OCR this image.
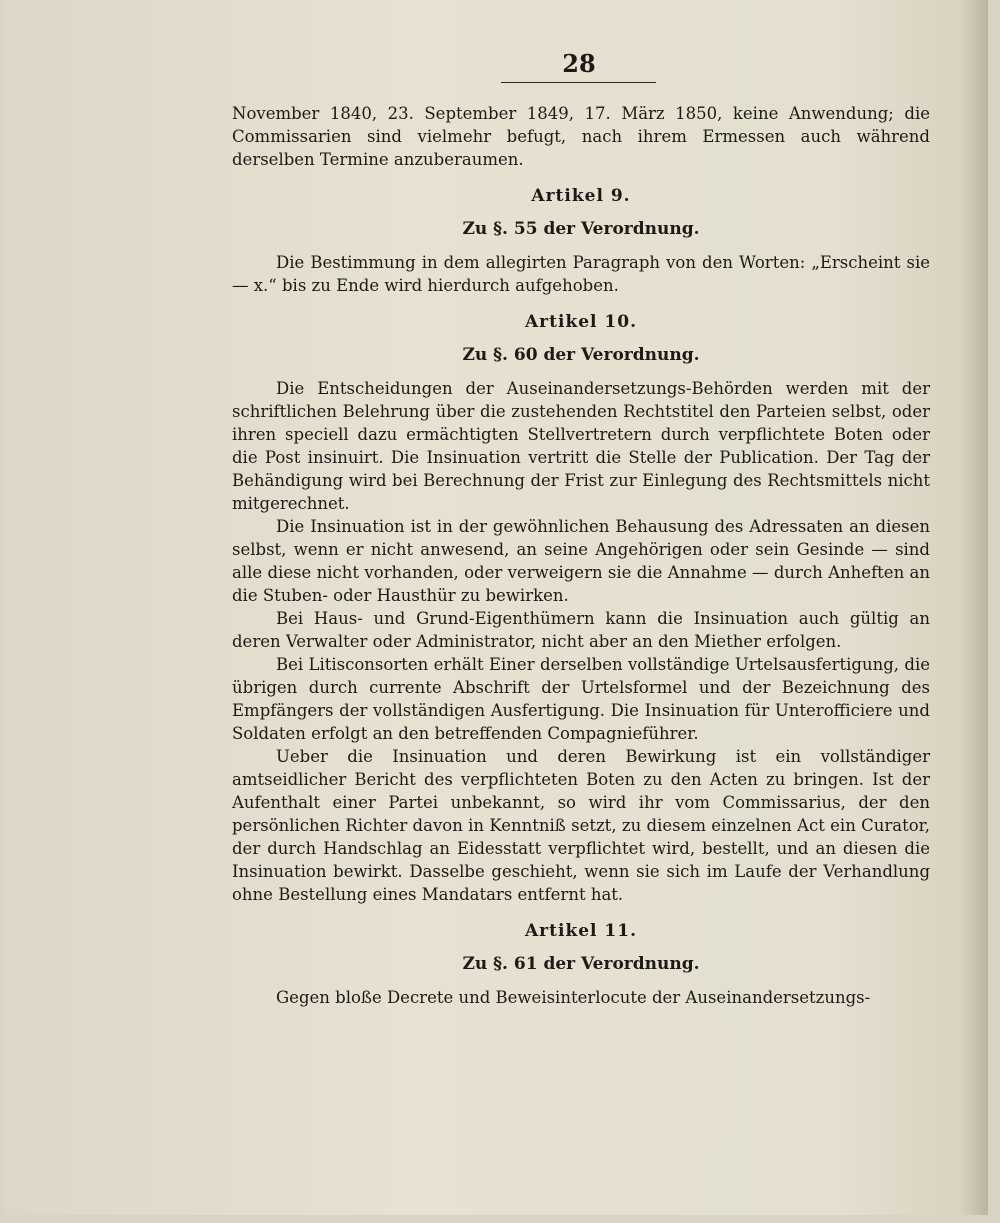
28

November 1840, 23. September 1849, 17. März 1850, keine Anwendung; die Commissarien sind vielmehr befugt, nach ihrem Ermessen auch während derselben Termine anzuberaumen.

Artikel 9.
Zu §. 55 der Verordnung.

Die Bestimmung in dem allegirten Paragraph von den Worten: „Erscheint sie — x.“ bis zu Ende wird hierdurch aufgehoben.

Artikel 10.
Zu §. 60 der Verordnung.

Die Entscheidungen der Auseinandersetzungs-Behörden werden mit der schriftlichen Belehrung über die zustehenden Rechtstitel den Parteien selbst, oder ihren speciell dazu ermächtigten Stellvertretern durch verpflichtete Boten oder die Post insinuirt. Die Insinuation vertritt die Stelle der Publication. Der Tag der Behändigung wird bei Berechnung der Frist zur Einlegung des Rechtsmittels nicht mitgerechnet.

Die Insinuation ist in der gewöhnlichen Behausung des Adressaten an diesen selbst, wenn er nicht anwesend, an seine Angehörigen oder sein Gesinde — sind alle diese nicht vorhanden, oder verweigern sie die Annahme — durch Anheften an die Stuben- oder Hausthür zu bewirken.

Bei Haus- und Grund-Eigenthümern kann die Insinuation auch gültig an deren Verwalter oder Administrator, nicht aber an den Miether erfolgen.

Bei Litisconsorten erhält Einer derselben vollständige Urtelsausfertigung, die übrigen durch currente Abschrift der Urtelsformel und der Bezeichnung des Empfängers der vollständigen Ausfertigung. Die Insinuation für Unterofficiere und Soldaten erfolgt an den betreffenden Compagnieführer.

Ueber die Insinuation und deren Bewirkung ist ein vollständiger amtseidlicher Bericht des verpflichteten Boten zu den Acten zu bringen. Ist der Aufenthalt einer Partei unbekannt, so wird ihr vom Commissarius, der den persönlichen Richter davon in Kenntniß setzt, zu diesem einzelnen Act ein Curator, der durch Handschlag an Eidesstatt verpflichtet wird, bestellt, und an diesen die Insinuation bewirkt. Dasselbe geschieht, wenn sie sich im Laufe der Verhandlung ohne Bestellung eines Mandatars entfernt hat.

Artikel 11.
Zu §. 61 der Verordnung.

Gegen bloße Decrete und Beweisinterlocute der Auseinandersetzungs-
